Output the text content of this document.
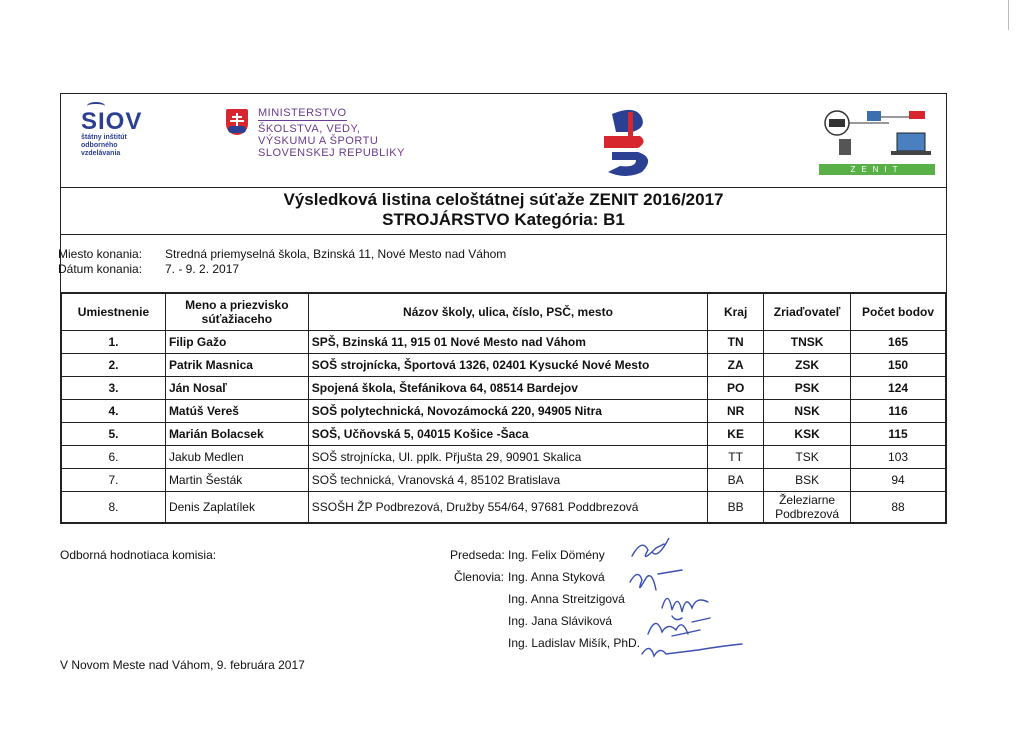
SIOV
štátny inštitút
odborného
vzdelávania
MINISTERSTVO
ŠKOLSTVA, VEDY,
VÝSKUMU A ŠPORTU
SLOVENSKEJ REPUBLIKY
ZENIT
Výsledková listina celoštátnej súťaže ZENIT 2016/2017
STROJÁRSTVO Kategória: B1
Miesto konania: Stredná priemyselná škola, Bzinská 11, Nové Mesto nad Váhom
Dátum konania: 7. - 9. 2. 2017
Umiestnenie	Meno a priezvisko súťažiaceho	Názov školy, ulica, číslo, PSČ, mesto	Kraj	Zriaďovateľ	Počet bodov
1.	Filip Gažo	SPŠ, Bzinská 11, 915 01 Nové Mesto nad Váhom	TN	TNSK	165
2.	Patrik Masnica	SOŠ strojnícka, Športová 1326, 02401 Kysucké Nové Mesto	ZA	ZSK	150
3.	Ján Nosaľ	Spojená škola, Štefánikova 64, 08514 Bardejov	PO	PSK	124
4.	Matúš Vereš	SOŠ polytechnická, Novozámocká 220, 94905 Nitra	NR	NSK	116
5.	Marián Bolacsek	SOŠ, Učňovská 5, 04015 Košice -Šaca	KE	KSK	115
6.	Jakub Medlen	SOŠ strojnícka, Ul. pplk. Přjušta 29, 90901 Skalica	TT	TSK	103
7.	Martin Šesták	SOŠ technická, Vranovská 4, 85102 Bratislava	BA	BSK	94
8.	Denis Zaplatílek	SSOŠH ŽP Podbrezová, Družby 554/64, 97681 Poddbrezová	BB	Železiarne Podbrezová	88
Odborná hodnotiaca komisia:
V Novom Meste nad Váhom, 9. februára 2017
Predseda: Ing. Felix Dömény
Členovia: Ing. Anna Styková
Ing. Anna Streitzigová
Ing. Jana Sláviková
Ing. Ladislav Mišík, PhD.
